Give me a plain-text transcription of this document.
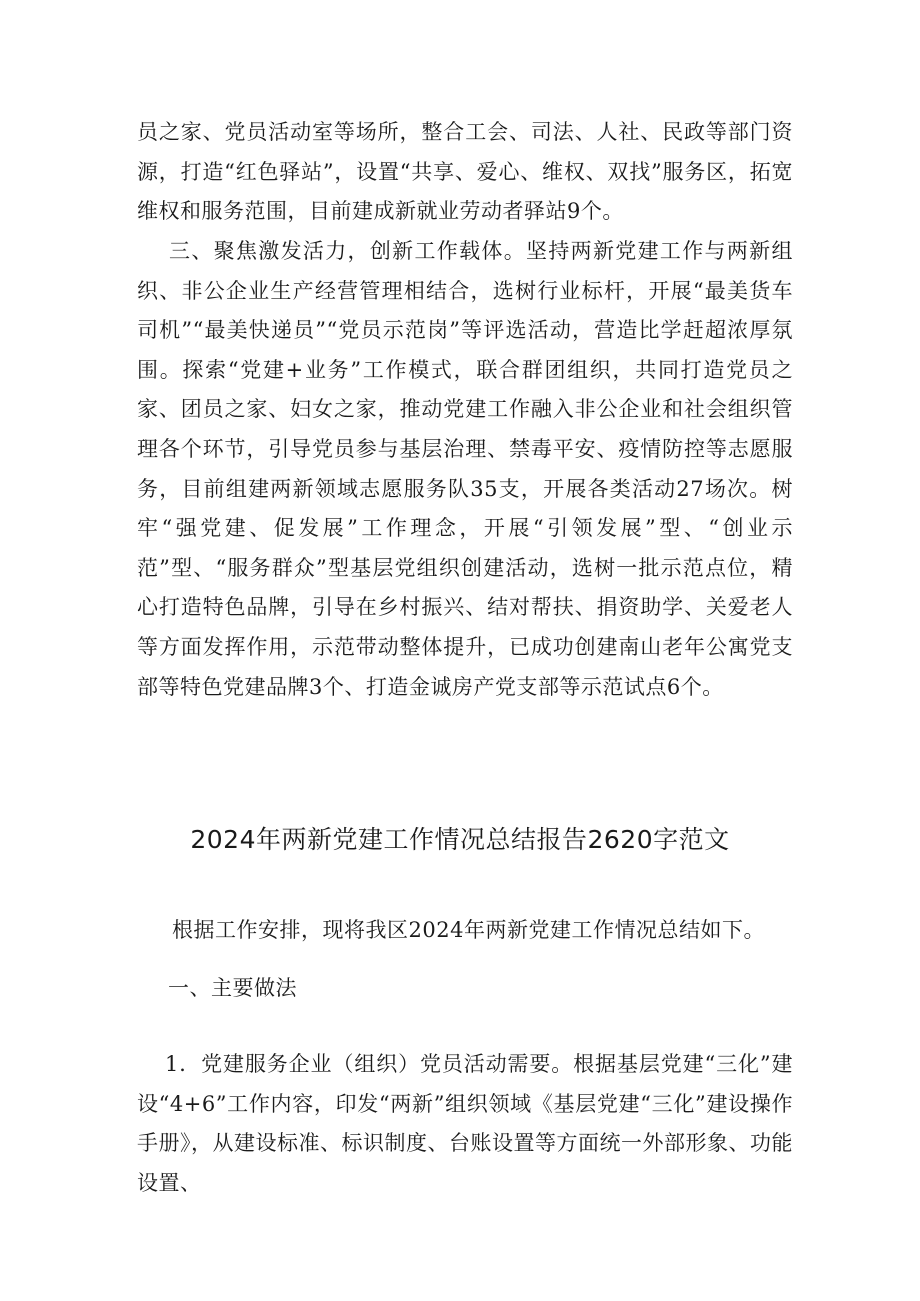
员之家、党员活动室等场所，整合工会、司法、人社、民政等部门资源，打造“红色驿站”，设置“共享、爱心、维权、双找”服务区，拓宽维权和服务范围，目前建成新就业劳动者驿站9个。

三、聚焦激发活力，创新工作载体。坚持两新党建工作与两新组织、非公企业生产经营管理相结合，选树行业标杆，开展“最美货车司机”“最美快递员”“党员示范岗”等评选活动，营造比学赶超浓厚氛围。探索“党建+业务”工作模式，联合群团组织，共同打造党员之家、团员之家、妇女之家，推动党建工作融入非公企业和社会组织管理各个环节，引导党员参与基层治理、禁毒平安、疫情防控等志愿服务，目前组建两新领域志愿服务队35支，开展各类活动27场次。树牢“强党建、促发展”工作理念，开展“引领发展”型、“创业示范”型、“服务群众”型基层党组织创建活动，选树一批示范点位，精心打造特色品牌，引导在乡村振兴、结对帮扶、捐资助学、关爱老人等方面发挥作用，示范带动整体提升，已成功创建南山老年公寓党支部等特色党建品牌3个、打造金诚房产党支部等示范试点6个。

2024年两新党建工作情况总结报告2620字范文

根据工作安排，现将我区2024年两新党建工作情况总结如下。

一、主要做法

1．党建服务企业（组织）党员活动需要。根据基层党建“三化”建设“4+6”工作内容，印发“两新”组织领域《基层党建“三化”建设操作手册》，从建设标准、标识制度、台账设置等方面统一外部形象、功能设置、
